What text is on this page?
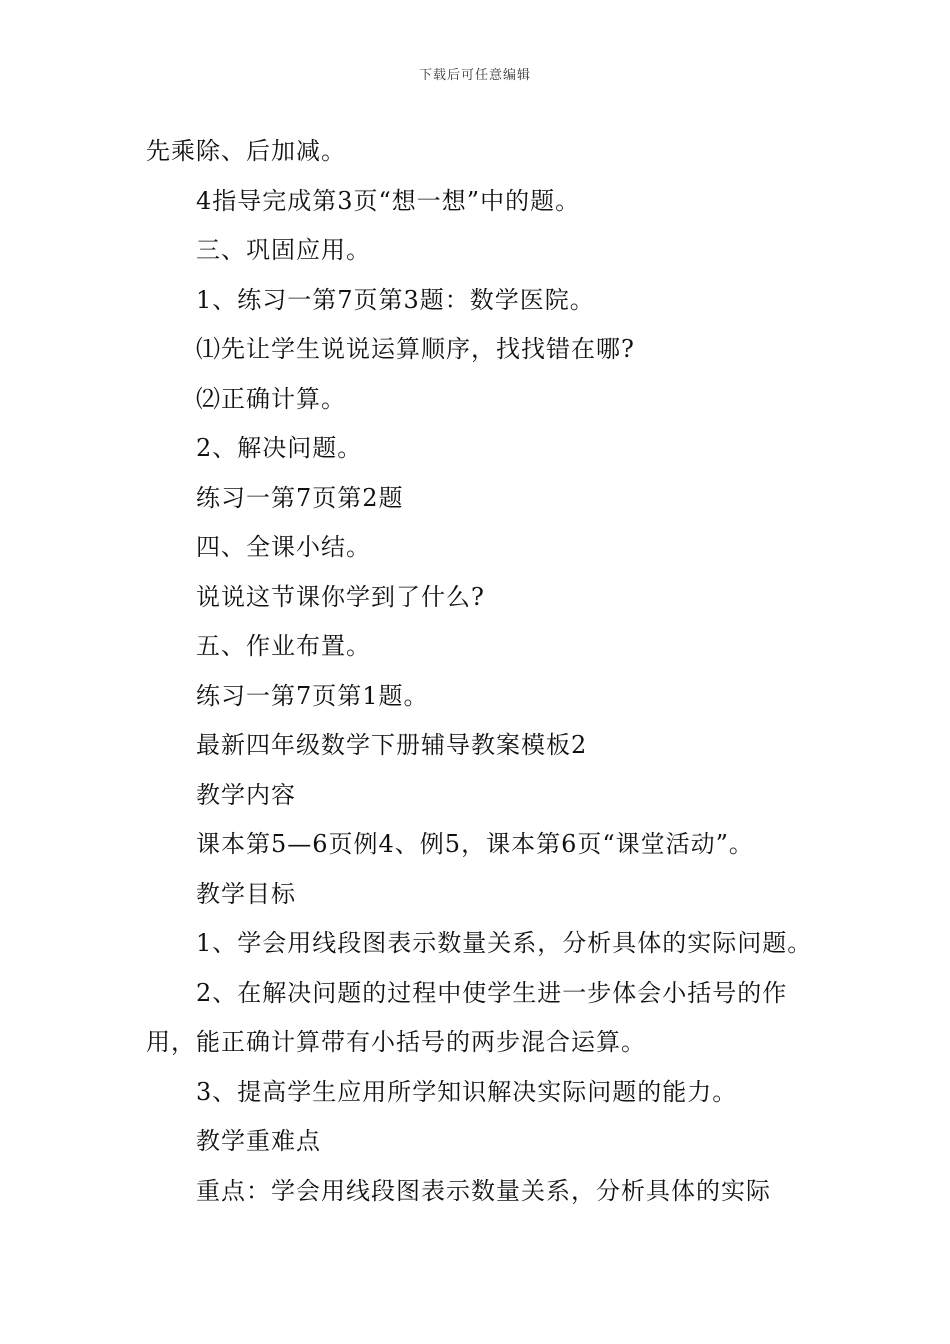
下载后可任意编辑
先乘除、后加减。
4指导完成第3页“想一想”中的题。
三、巩固应用。
1、练习一第7页第3题：数学医院。
⑴先让学生说说运算顺序，找找错在哪?
⑵正确计算。
2、解决问题。
练习一第7页第2题
四、全课小结。
说说这节课你学到了什么?
五、作业布置。
练习一第7页第1题。
最新四年级数学下册辅导教案模板2
教学内容
课本第5—6页例4、例5，课本第6页“课堂活动”。
教学目标
1、学会用线段图表示数量关系，分析具体的实际问题。
2、在解决问题的过程中使学生进一步体会小括号的作
用，能正确计算带有小括号的两步混合运算。
3、提高学生应用所学知识解决实际问题的能力。
教学重难点
重点：学会用线段图表示数量关系，分析具体的实际
